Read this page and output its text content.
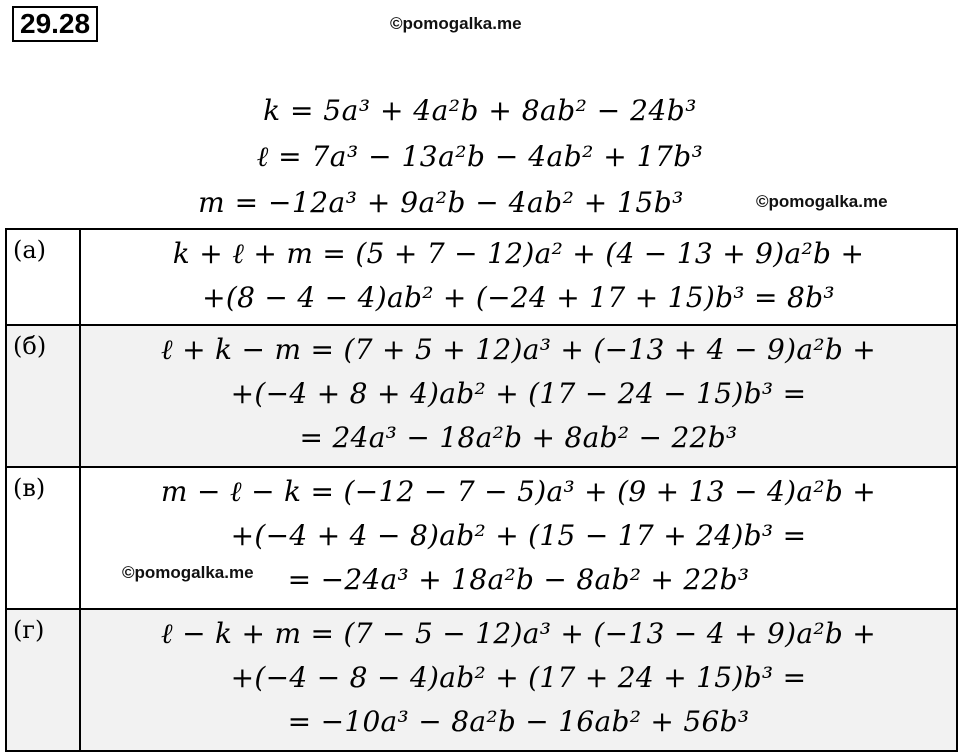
29.28	©pomogalka.me
©pomogalka.me
©pomogalka.me
k = 5a³ + 4a²b + 8ab² − 24b³
ℓ = 7a³ − 13a²b − 4ab² + 17b³
m = −12a³ + 9a²b − 4ab² + 15b³
(а)	k + ℓ + m = (5 + 7 − 12)a² + (4 − 13 + 9)a²b +
+(8 − 4 − 4)ab² + (−24 + 17 + 15)b³ = 8b³

(б)	ℓ + k − m = (7 + 5 + 12)a³ + (−13 + 4 − 9)a²b +
+(−4 + 8 + 4)ab² + (17 − 24 − 15)b³ =
= 24a³ − 18a²b + 8ab² − 22b³

(в)	m − ℓ − k = (−12 − 7 − 5)a³ + (9 + 13 − 4)a²b +
+(−4 + 4 − 8)ab² + (15 − 17 + 24)b³ =
= −24a³ + 18a²b − 8ab² + 22b³

(г)	ℓ − k + m = (7 − 5 − 12)a³ + (−13 − 4 + 9)a²b +
+(−4 − 8 − 4)ab² + (17 + 24 + 15)b³ =
= −10a³ − 8a²b − 16ab² + 56b³
